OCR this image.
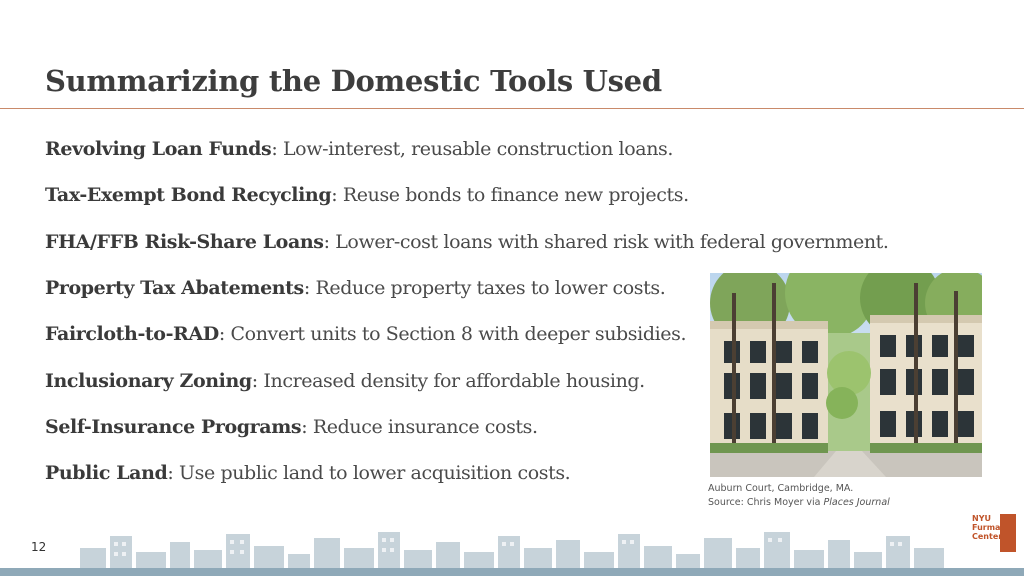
Summarizing the Domestic Tools Used
Revolving Loan Funds: Low-interest, reusable construction loans.
Tax-Exempt Bond Recycling: Reuse bonds to finance new projects.
FHA/FFB Risk-Share Loans: Lower-cost loans with shared risk with federal government.
Property Tax Abatements: Reduce property taxes to lower costs.
Faircloth-to-RAD: Convert units to Section 8 with deeper subsidies.
Inclusionary Zoning: Increased density for affordable housing.
Self-Insurance Programs: Reduce insurance costs.
Public Land: Use public land to lower acquisition costs.
Auburn Court, Cambridge, MA.
Source: Chris Moyer via Places Journal
12
NYU
Furman
Center
